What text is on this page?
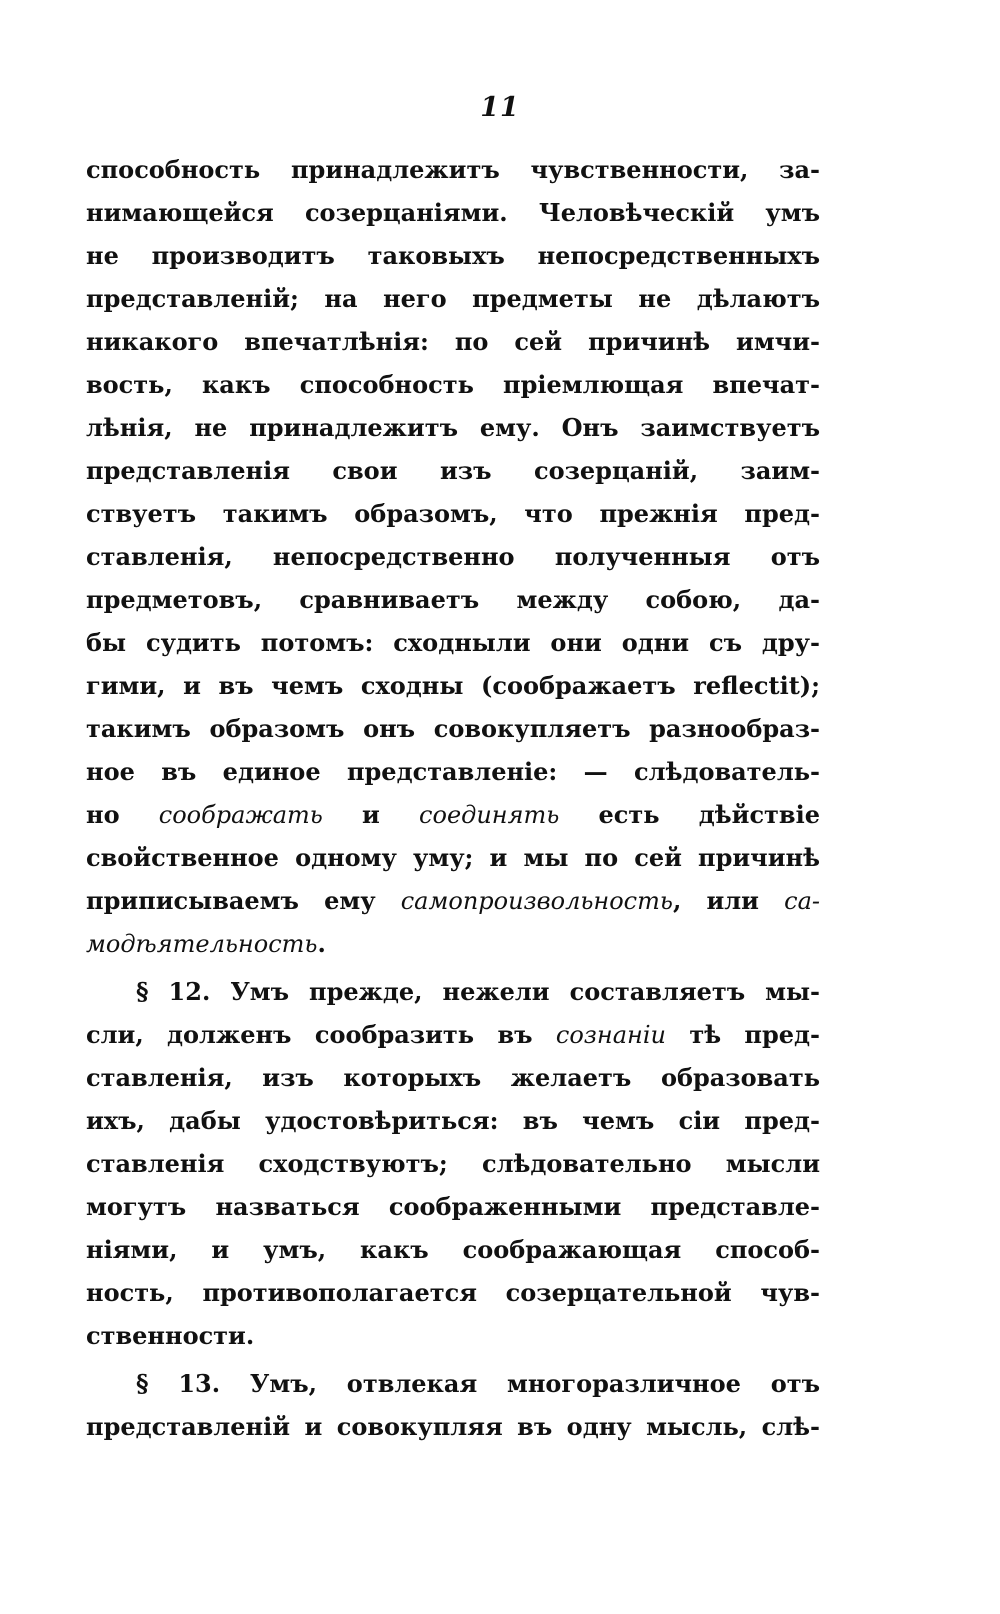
11
способность принадлежитъ чувственности, за-
нимающейся созерцаніями. Человѣческій умъ
не производитъ таковыхъ непосредственныхъ
представленій; на него предметы не дѣлаютъ
никакого впечатлѣнія: по сей причинѣ имчи-
вость, какъ способность пріемлющая впечат-
лѣнія, не принадлежитъ ему. Онъ заимствуетъ
представленія свои изъ созерцаній, заим-
ствуетъ такимъ образомъ, что прежнія пред-
ставленія, непосредственно полученныя отъ
предметовъ, сравниваетъ между собою, да-
бы судить потомъ: сходныли они одни съ дру-
гими, и въ чемъ сходны (соображаетъ reflectit);
такимъ образомъ онъ совокупляетъ разнообраз-
ное въ единое представленіе: — слѣдователь-
но соображать и соединять есть дѣйствіе
свойственное одному уму; и мы по сей причинѣ
приписываемъ ему самопроизвольность, или са-
модѣятельность.
§ 12. Умъ прежде, нежели составляетъ мы-
сли, долженъ сообразить въ сознаніи тѣ пред-
ставленія, изъ которыхъ желаетъ образовать
ихъ, дабы удостовѣриться: въ чемъ сіи пред-
ставленія сходствуютъ; слѣдовательно мысли
могутъ назваться соображенными представле-
ніями, и умъ, какъ соображающая способ-
ность, противополагается созерцательной чув-
ственности.
§ 13. Умъ, отвлекая многоразличное отъ
представленій и совокупляя въ одну мысль, слѣ-
